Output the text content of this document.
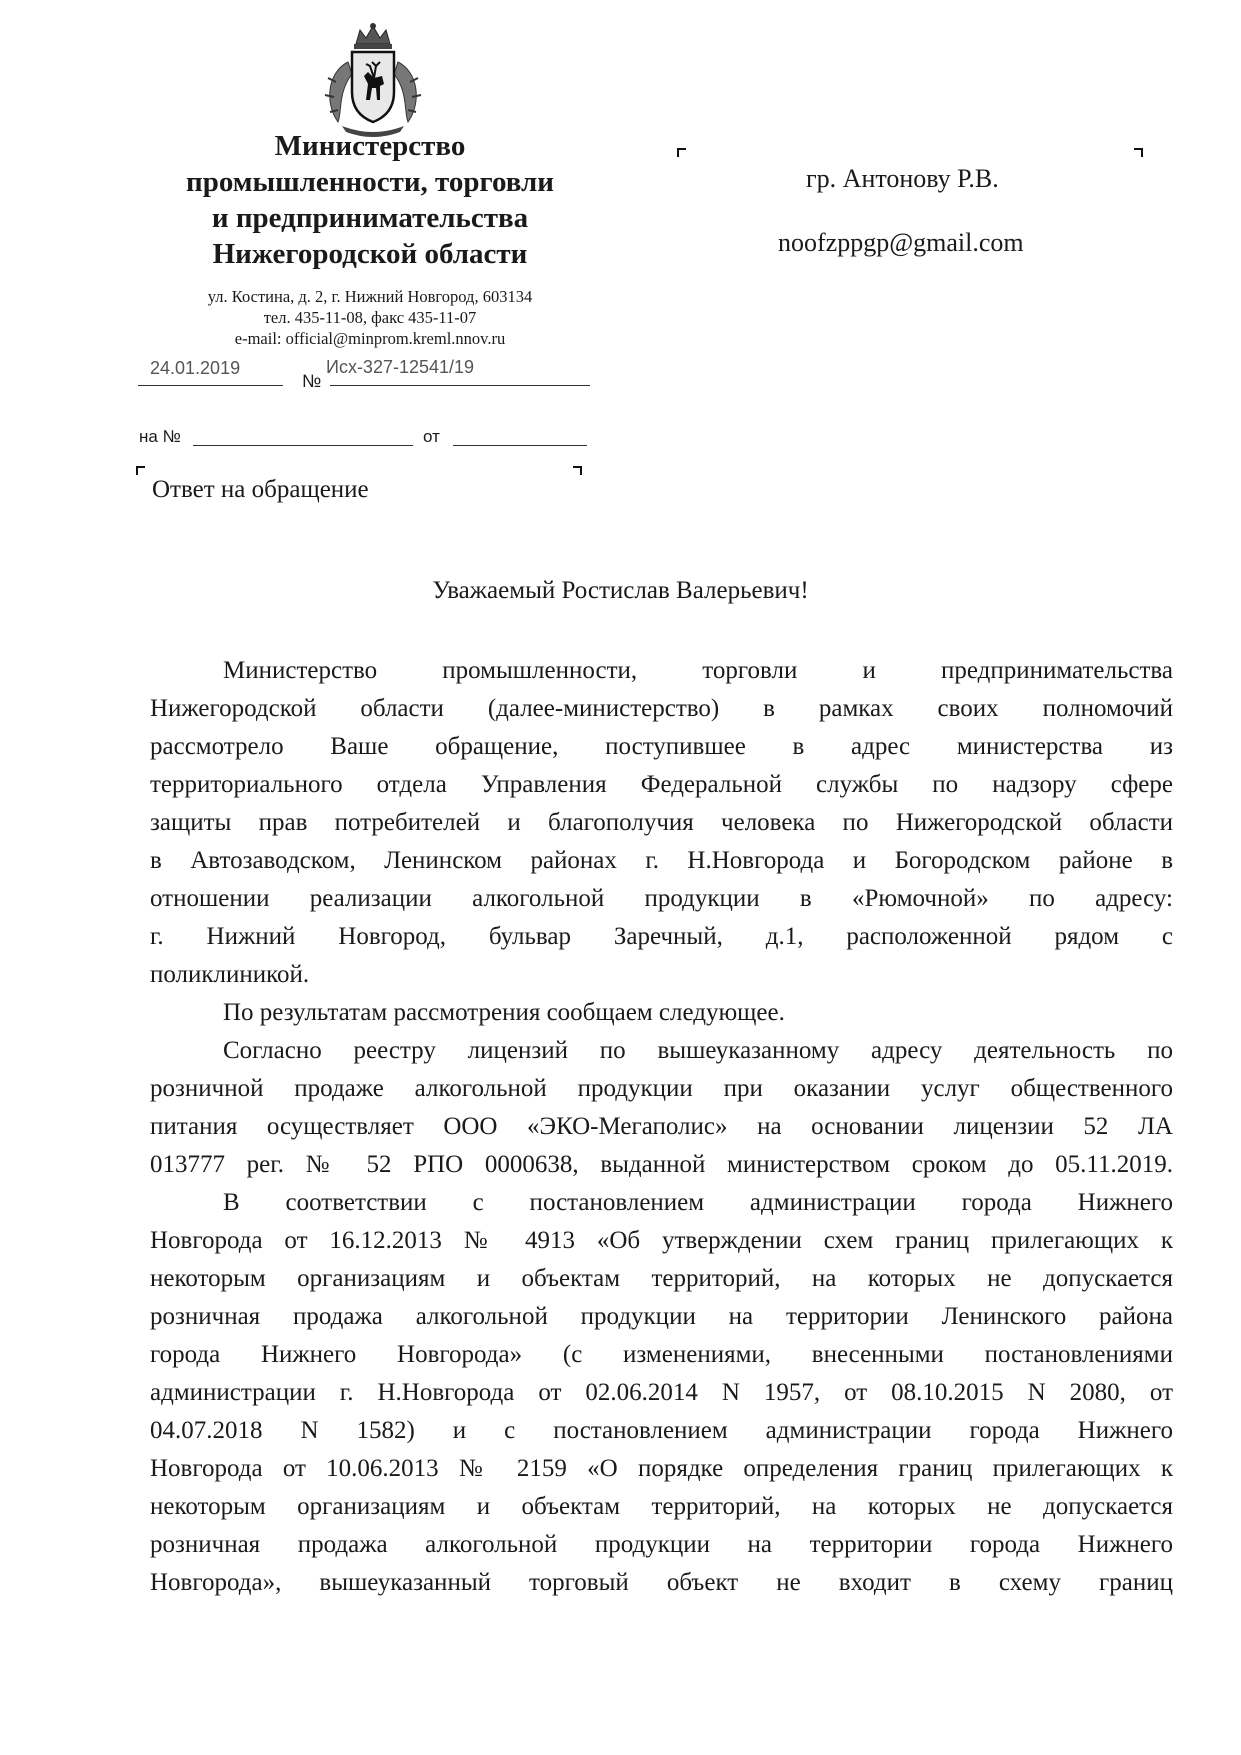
Министерство
промышленности, торговли
и предпринимательства
Нижегородской области
ул. Костина, д. 2, г. Нижний Новгород, 603134
тел. 435-11-08, факс 435-11-07
e-mail: official@minprom.kreml.nnov.ru
24.01.2019
№
Исх-327-12541/19
на №	от
гр. Антонову Р.В.
noofzppgp@gmail.com
Ответ на обращение
Уважаемый Ростислав Валерьевич!
Министерство промышленности, торговли и предпринимательства
Нижегородской области (далее-министерство) в рамках своих полномочий
рассмотрело Ваше обращение, поступившее в адрес министерства из
территориального отдела Управления Федеральной службы по надзору сфере
защиты прав потребителей и благополучия человека по Нижегородской области
в Автозаводском, Ленинском районах г. Н.Новгорода и Богородском районе в
отношении реализации алкогольной продукции в «Рюмочной» по адресу:
г. Нижний Новгород, бульвар Заречный, д.1, расположенной рядом с
поликлиникой.
По результатам рассмотрения сообщаем следующее.
Согласно реестру лицензий по вышеуказанному адресу деятельность по
розничной продаже алкогольной продукции при оказании услуг общественного
питания осуществляет ООО «ЭКО-Мегаполис» на основании лицензии 52 ЛА
013777 рег. № 52 РПО 0000638, выданной министерством сроком до 05.11.2019.
В соответствии с постановлением администрации города Нижнего
Новгорода от 16.12.2013 № 4913 «Об утверждении схем границ прилегающих к
некоторым организациям и объектам территорий, на которых не допускается
розничная продажа алкогольной продукции на территории Ленинского района
города Нижнего Новгорода» (с изменениями, внесенными постановлениями
администрации г. Н.Новгорода от 02.06.2014 N 1957, от 08.10.2015 N 2080, от
04.07.2018 N 1582) и с постановлением администрации города Нижнего
Новгорода от 10.06.2013 № 2159 «О порядке определения границ прилегающих к
некоторым организациям и объектам территорий, на которых не допускается
розничная продажа алкогольной продукции на территории города Нижнего
Новгорода», вышеуказанный торговый объект не входит в схему границ
